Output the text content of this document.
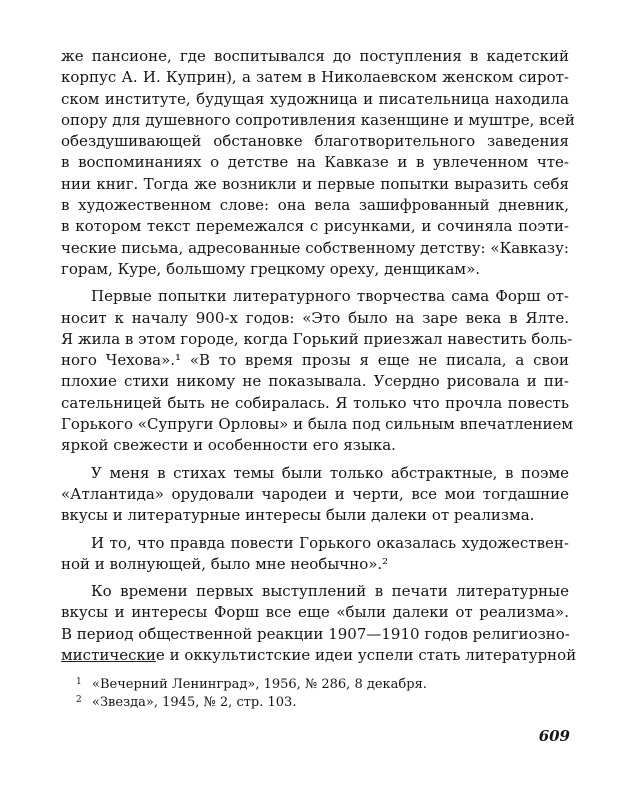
же пансионе, где воспитывался до поступления в кадетский
корпус А. И. Куприн), а затем в Николаевском женском сирот-
ском институте, будущая художница и писательница находила
опору для душевного сопротивления казенщине и муштре, всей
обездушивающей обстановке благотворительного заведения
в воспоминаниях о детстве на Кавказе и в увлеченном чте-
нии книг. Тогда же возникли и первые попытки выразить себя
в художественном слове: она вела зашифрованный дневник,
в котором текст перемежался с рисунками, и сочиняла поэти-
ческие письма, адресованные собственному детству: «Кавказу:
горам, Куре, большому грецкому ореху, денщикам».
Первые попытки литературного творчества сама Форш от-
носит к началу 900-х годов: «Это было на заре века в Ялте.
Я жила в этом городе, когда Горький приезжал навестить боль-
ного Чехова».¹ «В то время прозы я еще не писала, а свои
плохие стихи никому не показывала. Усердно рисовала и пи-
сательницей быть не собиралась. Я только что прочла повесть
Горького «Супруги Орловы» и была под сильным впечатлением
яркой свежести и особенности его языка.
У меня в стихах темы были только абстрактные, в поэме
«Атлантида» орудовали чародеи и черти, все мои тогдашние
вкусы и литературные интересы были далеки от реализма.
И то, что правда повести Горького оказалась художествен-
ной и волнующей, было мне необычно».²
Ко времени первых выступлений в печати литературные
вкусы и интересы Форш все еще «были далеки от реализма».
В период общественной реакции 1907—1910 годов религиозно-
мистические и оккультистские идеи успели стать литературной
1 «Вечерний Ленинград», 1956, № 286, 8 декабря.
2 «Звезда», 1945, № 2, стр. 103.
609
